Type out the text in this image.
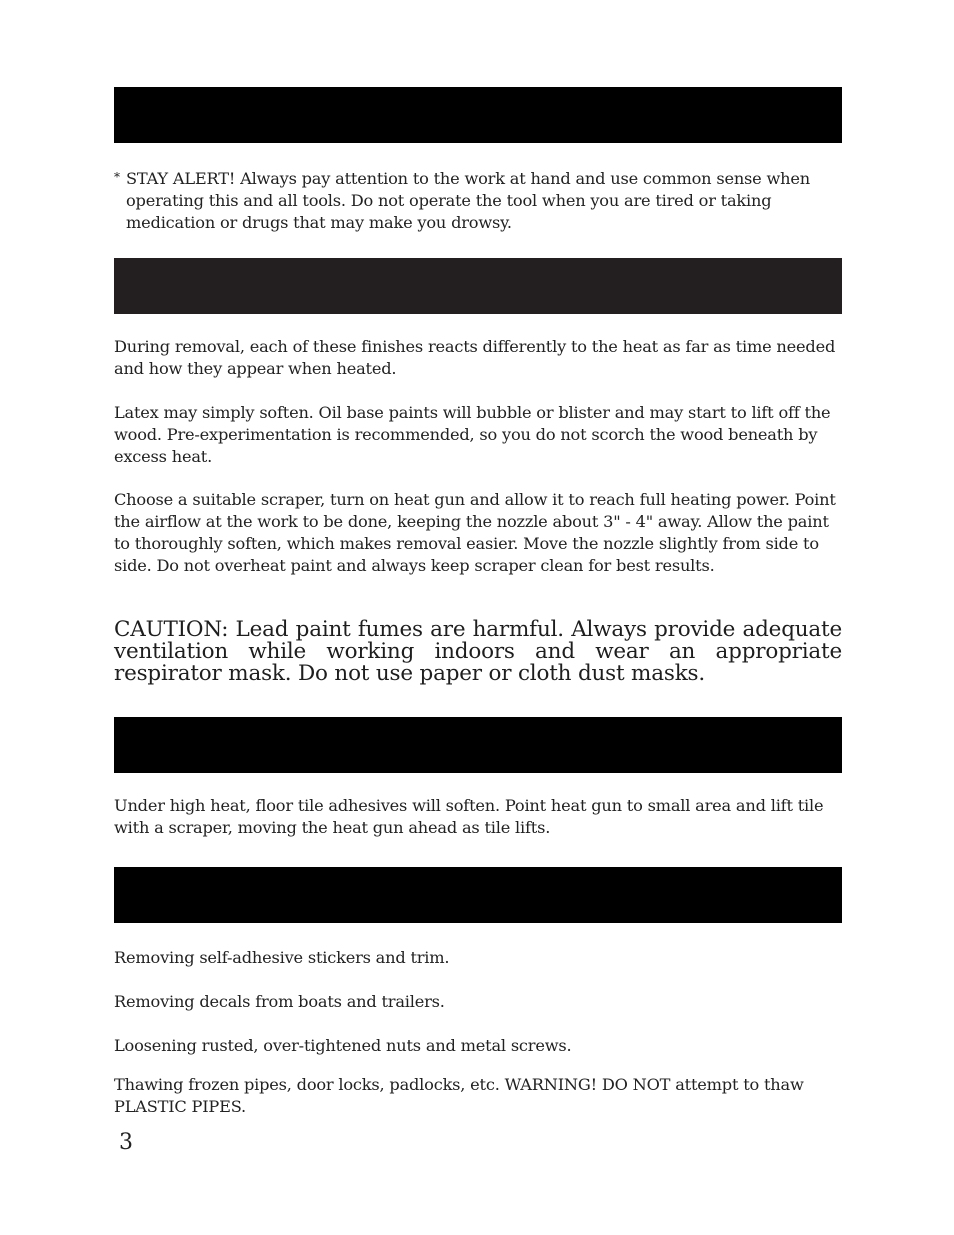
* STAY ALERT! Always pay attention to the work at hand and use common sense when operating this and all tools. Do not operate the tool when you are tired or taking medication or drugs that may make you drowsy.

During removal, each of these finishes reacts differently to the heat as far as time needed and how they appear when heated.

Latex may simply soften. Oil base paints will bubble or blister and may start to lift off the wood. Pre-experimentation is recommended, so you do not scorch the wood beneath by excess heat.

Choose a suitable scraper, turn on heat gun and allow it to reach full heating power. Point the airflow at the work to be done, keeping the nozzle about 3" - 4" away. Allow the paint to thoroughly soften, which makes removal easier. Move the nozzle slightly from side to side. Do not overheat paint and always keep scraper clean for best results.

CAUTION: Lead paint fumes are harmful. Always provide adequate ventilation while working indoors and wear an appropriate respirator mask. Do not use paper or cloth dust masks.

Under high heat, floor tile adhesives will soften. Point heat gun to small area and lift tile with a scraper, moving the heat gun ahead as tile lifts.

Removing self-adhesive stickers and trim.

Removing decals from boats and trailers.

Loosening rusted, over-tightened nuts and metal screws.

Thawing frozen pipes, door locks, padlocks, etc. WARNING! DO NOT attempt to thaw PLASTIC PIPES.

3
